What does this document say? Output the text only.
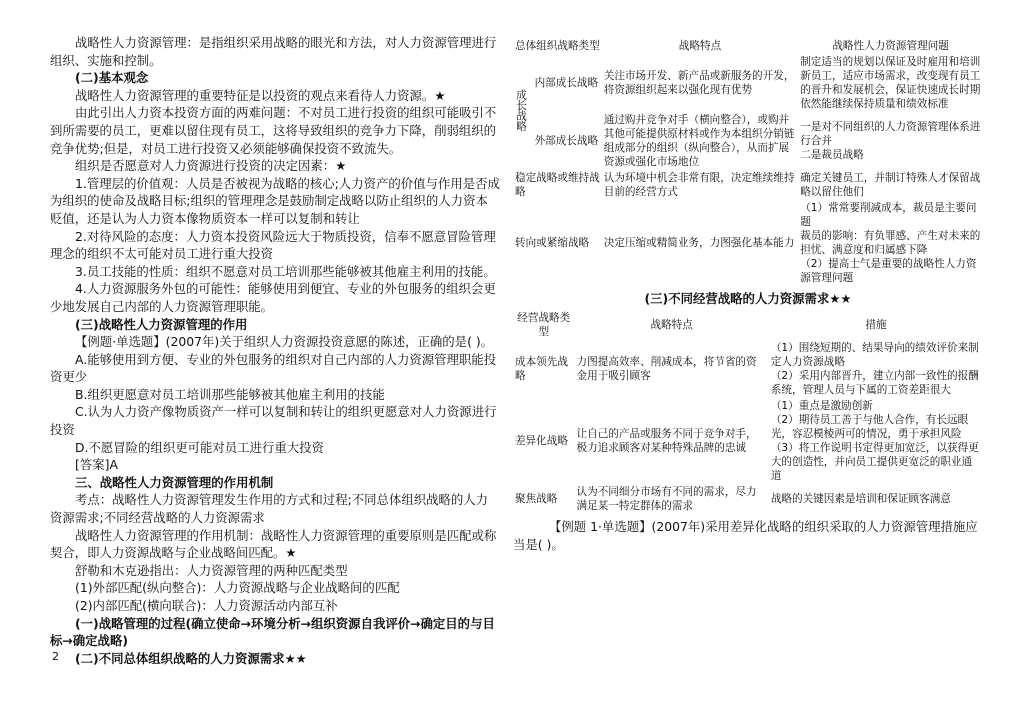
战略性人力资源管理：是指组织采用战略的眼光和方法，对人力资源管理进行组织、实施和控制。

(二)基本观念

战略性人力资源管理的重要特征是以投资的观点来看待人力资源。★

由此引出人力资本投资方面的两难问题：不对员工进行投资的组织可能吸引不到所需要的员工，更难以留住现有员工，这将导致组织的竞争力下降，削弱组织的竞争优势;但是，对员工进行投资又必须能够确保投资不致流失。

组织是否愿意对人力资源进行投资的决定因素：★

1.管理层的价值观：人员是否被视为战略的核心;人力资产的价值与作用是否成为组织的使命及战略目标;组织的管理理念是鼓励制定战略以防止组织的人力资本贬值，还是认为人力资本像物质资本一样可以复制和转让

2.对待风险的态度：人力资本投资风险远大于物质投资，信奉不愿意冒险管理理念的组织不太可能对员工进行重大投资

3.员工技能的性质：组织不愿意对员工培训那些能够被其他雇主利用的技能。

4.人力资源服务外包的可能性：能够使用到便宜、专业的外包服务的组织会更少地发展自己内部的人力资源管理职能。

(三)战略性人力资源管理的作用

【例题·单选题】(2007年)关于组织人力资源投资意愿的陈述，正确的是( )。

A.能够使用到方便、专业的外包服务的组织对自己内部的人力资源管理职能投资更少

B.组织更愿意对员工培训那些能够被其他雇主利用的技能

C.认为人力资产像物质资产一样可以复制和转让的组织更愿意对人力资源进行投资

D.不愿冒险的组织更可能对员工进行重大投资

[答案]A

三、战略性人力资源管理的作用机制

考点：战略性人力资源管理发生作用的方式和过程;不同总体组织战略的人力资源需求;不同经营战略的人力资源需求

战略性人力资源管理的作用机制：战略性人力资源管理的重要原则是匹配或称契合，即人力资源战略与企业战略间匹配。★

舒勒和木克逊指出：人力资源管理的两种匹配类型

(1)外部匹配(纵向整合)：人力资源战略与企业战略间的匹配

(2)内部匹配(横向联合)：人力资源活动内部互补

(一)战略管理的过程(确立使命→环境分析→组织资源自我评价→确定目的与目标→确定战略)

(二)不同总体组织战略的人力资源需求★★

总体组织战略类型		战略特点	战略性人力资源管理问题
成长战略	内部成长战略	关注市场开发、新产品或新服务的开发，将资源组织起来以强化现有优势	制定适当的规划以保证及时雇用和培训新员工，适应市场需求，改变现有员工的晋升和发展机会，保证快速成长时期依然能继续保持质量和绩效标准
	外部成长战略	通过购并竞争对手（横向整合），或购并其他可能提供原材料或作为本组织分销链组成部分的组织（纵向整合），从而扩展资源或强化市场地位	一是对不同组织的人力资源管理体系进行合并
二是裁员战略
稳定战略或维持战略		认为环境中机会非常有限，决定维续维持目前的经营方式	确定关键员工，并制订特殊人才保留战略以留住他们
转向或紧缩战略		决定压缩或精简业务，力图强化基本能力	（1）常常要削减成本，裁员是主要问题
裁员的影响：有负罪感、产生对未来的担忧、满意度和归属感下降
（2）提高士气是重要的战略性人力资源管理问题
(三)不同经营战略的人力资源需求★★
经营战略类型	战略特点	措施
成本领先战略	力图提高效率、削减成本，将节省的资金用于吸引顾客	（1）围绕短期的、结果导向的绩效评价来制定人力资源战略
（2）采用内部晋升，建立内部一致性的报酬系统，管理人员与下属的工资差距很大
差异化战略	让自己的产品或服务不同于竞争对手，极力追求顾客对某种特殊品牌的忠诚	（1）重点是激励创新
（2）期待员工善于与他人合作，有长远眼光，容忍模棱两可的情况，勇于承担风险
（3）将工作说明书定得更加宽泛，以获得更大的创造性，并向员工提供更宽泛的职业通道
聚焦战略	认为不同细分市场有不同的需求，尽力满足某一特定群体的需求	战略的关键因素是培训和保证顾客满意
【例题 1·单选题】(2007年)采用差异化战略的组织采取的人力资源管理措施应当是( )。
2
